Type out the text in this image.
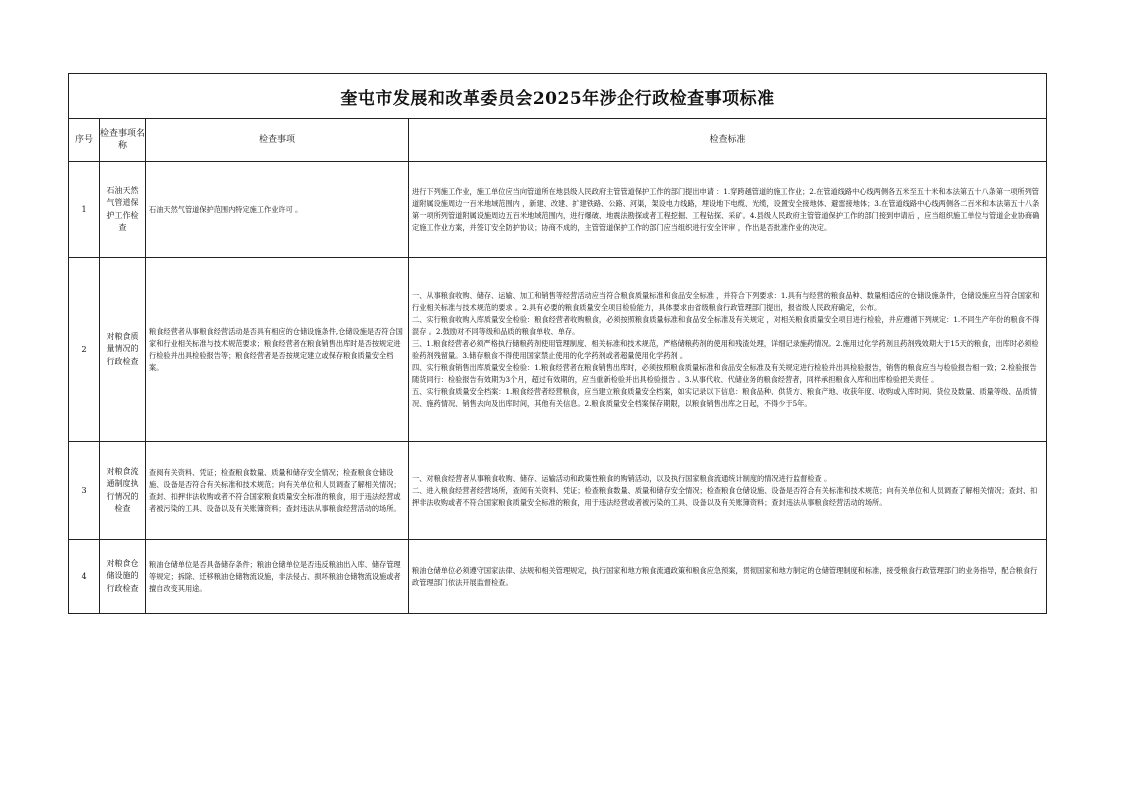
奎屯市发展和改革委员会2025年涉企行政检查事项标准			
序号	检查事项名称	检查事项	检查标准
1	石油天然气管道保护工作检查	石油天然气管道保护范围内特定施工作业许可 。	进行下列施工作业，施工单位应当向管道所在地县级人民政府主管管道保护工作的部门提出申请 ：1.穿跨越管道的施工作业；2.在管道线路中心线两侧各五米至五十米和本法第五十八条第一项所列管道附属设施周边一百米地域范围内 ，新建、改建、扩建铁路、公路、河渠，架设电力线路，埋设地下电缆、光缆，设置安全接地体、避雷接地体；3.在管道线路中心线两侧各二百米和本法第五十八条第一项所列管道附属设施周边五百米地域范围内，进行爆破、地震法勘探或者工程挖掘、工程钻探、采矿。4.县级人民政府主管管道保护工作的部门接到申请后 ，应当组织施工单位与管道企业协商确定施工作业方案，并签订安全防护协议；协商不成的，主管管道保护工作的部门应当组织进行安全评审 ，作出是否批准作业的决定。

2	对粮食质量情况的行政检查	粮食经营者从事粮食经营活动是否具有相应的仓储设施条件,仓储设施是否符合国家和行业相关标准与技术规范要求；粮食经营者在粮食销售出库时是否按规定进行检验并出具检验报告等；粮食经营者是否按规定建立或保存粮食质量安全档案。	一、从事粮食收购、储存、运输、加工和销售等经营活动应当符合粮食质量标准和食品安全标准 ，并符合下列要求：1.具有与经营的粮食品种、数量相适应的仓储设施条件，仓储设施应当符合国家和行业相关标准与技术规范的要求 。2.具有必要的粮食质量安全项目检验能力，具体要求由省级粮食行政管理部门提出，报省级人民政府确定，公布。

二、实行粮食收购入库质量安全检验：粮食经营者收购粮食，必须按照粮食质量标准和食品安全标准及有关规定 ，对相关粮食质量安全项目进行检验，并应遵循下列规定：1.不同生产年份的粮食不得混存 。2.鼓励对不同等级和品质的粮食单收、单存。

三、1.粮食经营者必须严格执行储粮药剂使用管理制度、相关标准和技术规范，严格储粮药剂的使用和残渣处理，详细记录施药情况。2.施用过化学药剂且药剂残效期大于15天的粮食，出库时必须检验药剂残留量。3.储存粮食不得使用国家禁止使用的化学药剂或者超量使用化学药剂 。

四、实行粮食销售出库质量安全检验：1.粮食经营者在粮食销售出库时，必须按照粮食质量标准和食品安全标准及有关规定进行检验并出具检验报告，销售的粮食应当与检验报告相一致；2.检验报告随货同行：检验报告有效期为3个月，超过有效期的，应当重新检验并出具检验报告 。3.从事代收、代储业务的粮食经营者，同样承担粮食入库和出库检验把关责任 。

五、实行粮食质量安全档案：1.粮食经营者经营粮食，应当建立粮食质量安全档案，如实记录以下信息：粮食品种、供货方、粮食产地、收获年度、收购或入库时间、货位及数量、质量等级、品质情况、施药情况、销售去向及出库时间，其他有关信息。2.粮食质量安全档案保存期限，以粮食销售出库之日起，不得少于5年。

3	对粮食流通制度执行情况的检查	查阅有关资料、凭证；检查粮食数量、质量和储存安全情况；检查粮食仓储设施、设备是否符合有关标准和技术规范；向有关单位和人员调查了解相关情况；查封、扣押非法收购或者不符合国家粮食质量安全标准的粮食，用于违法经营或者被污染的工具、设备以及有关账簿资料；查封违法从事粮食经营活动的场所。	一、对粮食经营者从事粮食收购、储存、运输活动和政策性粮食的购销活动，以及执行国家粮食流通统计制度的情况进行监督检查 。

二、进入粮食经营者经营场所，查阅有关资料、凭证；检查粮食数量、质量和储存安全情况；检查粮食仓储设施、设备是否符合有关标准和技术规范；向有关单位和人员调查了解相关情况；查封、扣押非法收购或者不符合国家粮食质量安全标准的粮食，用于违法经营或者被污染的工具、设备以及有关账簿资料；查封违法从事粮食经营活动的场所。

4	对粮食仓储设施的行政检查	粮油仓储单位是否具备储存条件；粮油仓储单位是否违反粮油出入库、储存管理等规定；拆除、迁移粮油仓储物流设施，非法侵占、损坏粮油仓储物流设施或者擅自改变其用途。	粮油仓储单位必须遵守国家法律、法规和相关管理规定，执行国家和地方粮食流通政策和粮食应急预案，贯彻国家和地方制定的仓储管理制度和标准，接受粮食行政管理部门的业务指导，配合粮食行政管理部门依法开展监督检查。
